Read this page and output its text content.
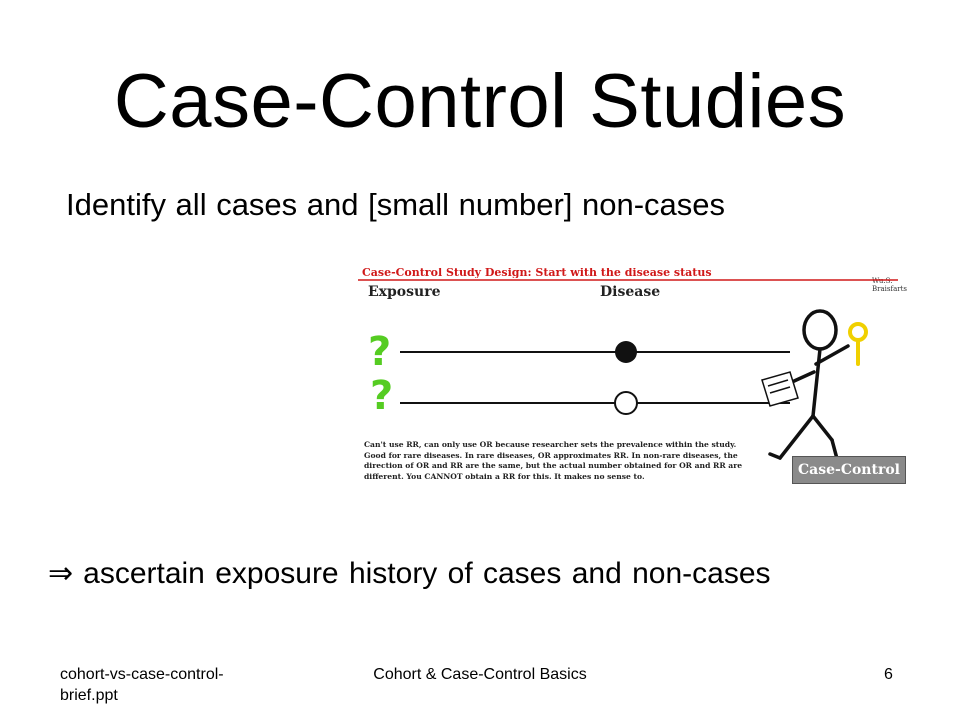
Case-Control Studies
Identify all cases and [small number] non-cases
Case-Control Study Design: Start with the disease status
Wu.S. Braisfarts
Exposure	Disease
?
?
Can't use RR, can only use OR because researcher sets the prevalence within the study. Good for rare diseases. In rare diseases, OR approximates RR. In non-rare diseases, the direction of OR and RR are the same, but the actual number obtained for OR and RR are different. You CANNOT obtain a RR for this. It makes no sense to.	Case-Control
⇒ ascertain exposure history of cases and non-cases
cohort-vs-case-control-brief.ppt
Cohort & Case-Control Basics	6
